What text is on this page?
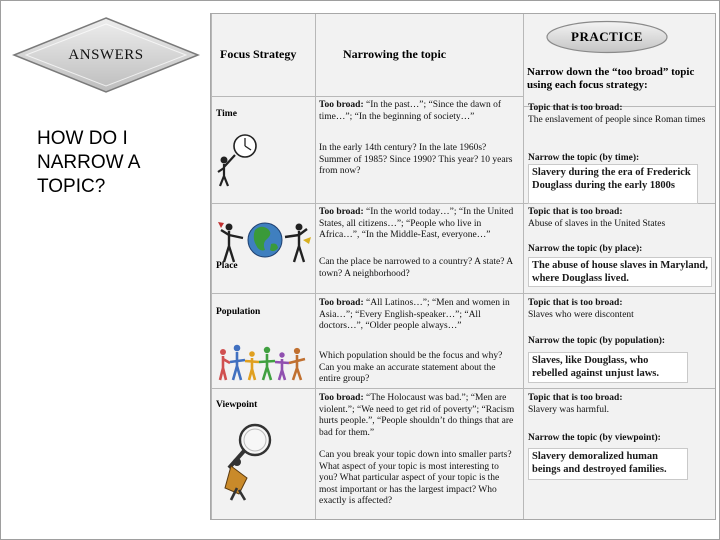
ANSWERS
HOW DO I
NARROW A
TOPIC?
Focus Strategy	Narrowing the topic
PRACTICE
Narrow down the “too broad” topic using each focus strategy:
Time
Too broad: “In the past…”; “Since the dawn of time…”; “In the beginning of society…”
In the early 14th century? In the late 1960s? Summer of 1985? Since 1990? This year? 10 years from now?
Topic that is too broad:
The enslavement of people since Roman times
Narrow the topic (by time):
Slavery during the era of Frederick Douglass during the early 1800s
Place
Too broad: “In the world today…”; “In the United States, all citizens…”; “People who live in Africa…”, “In the Middle-East, everyone…”
Can the place be narrowed to a country? A state? A town? A neighborhood?
Topic that is too broad:
Abuse of slaves in the United States
Narrow the topic (by place):
The abuse of house slaves in Maryland, where Douglass lived.
Population
Too broad: “All Latinos…”; “Men and women in Asia…”; “Every English-speaker…”; “All doctors…”, “Older people always…”
Which population should be the focus and why? Can you make an accurate statement about the entire group?
Topic that is too broad:
Slaves who were discontent
Narrow the topic (by population):
Slaves, like Douglass, who rebelled against unjust laws.
Viewpoint
Too broad: “The Holocaust was bad.”; “Men are violent.”; “We need to get rid of poverty”; “Racism hurts people.”, “People shouldn’t do things that are bad for them.”
Can you break your topic down into smaller parts? What aspect of your topic is most interesting to you? What particular aspect of your topic is the most important or has the largest impact? Who exactly is affected?
Topic that is too broad:
Slavery was harmful.
Narrow the topic (by viewpoint):
Slavery demoralized human beings and destroyed families.
